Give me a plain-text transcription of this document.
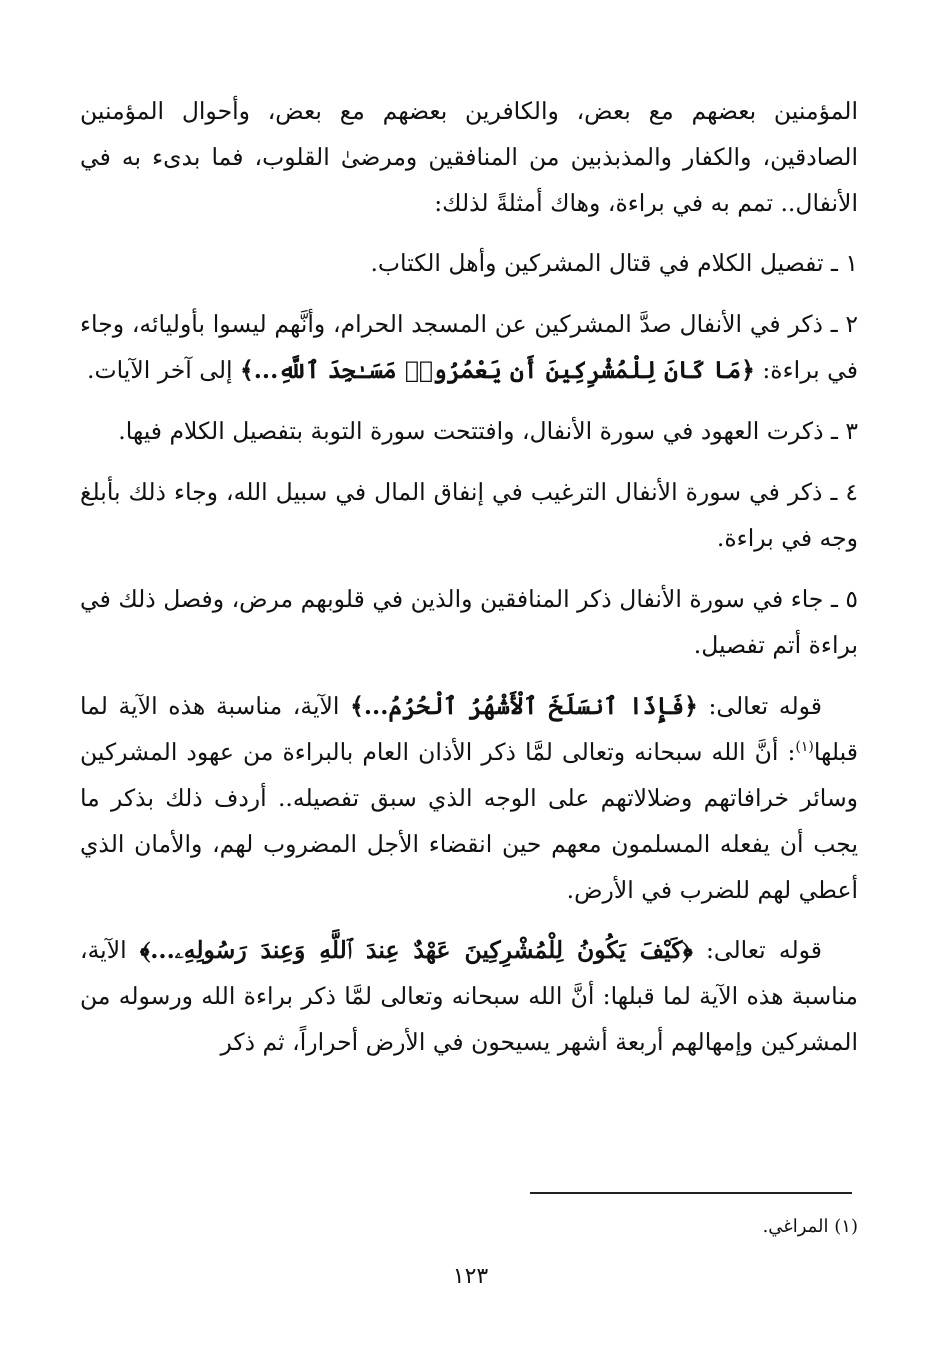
المؤمنين بعضهم مع بعض، والكافرين بعضهم مع بعض، وأحوال المؤمنين الصادقين، والكفار والمذبذبين من المنافقين ومرضىٰ القلوب، فما بدىء به في الأنفال.. تمم به في براءة، وهاك أمثلةً لذلك:

١ ـ تفصيل الكلام في قتال المشركين وأهل الكتاب.

٢ ـ ذكر في الأنفال صدَّ المشركين عن المسجد الحرام، وأنَّهم ليسوا بأوليائه، وجاء في براءة: ﴿مَا كَانَ لِلْمُشْرِكِينَ أَن يَعْمُرُوا۟ مَسَـٰجِدَ ٱللَّهِ...﴾ إلى آخر الآيات.

٣ ـ ذكرت العهود في سورة الأنفال، وافتتحت سورة التوبة بتفصيل الكلام فيها.

٤ ـ ذكر في سورة الأنفال الترغيب في إنفاق المال في سبيل الله، وجاء ذلك بأبلغ وجه في براءة.

٥ ـ جاء في سورة الأنفال ذكر المنافقين والذين في قلوبهم مرض، وفصل ذلك في براءة أتم تفصيل.

قوله تعالى: ﴿فَإِذَا ٱنسَلَخَ ٱلْأَشْهُرُ ٱلْحُرُمُ...﴾ الآية، مناسبة هذه الآية لما قبلها$^{(١)}$: أنَّ الله سبحانه وتعالى لمَّا ذكر الأذان العام بالبراءة من عهود المشركين وسائر خرافاتهم وضلالاتهم على الوجه الذي سبق تفصيله.. أردف ذلك بذكر ما يجب أن يفعله المسلمون معهم حين انقضاء الأجل المضروب لهم، والأمان الذي أعطي لهم للضرب في الأرض.

قوله تعالى: ﴿كَيْفَ يَكُونُ لِلْمُشْرِكِينَ عَهْدٌ عِندَ ٱللَّهِ وَعِندَ رَسُولِهِۦ...﴾ الآية، مناسبة هذه الآية لما قبلها: أنَّ الله سبحانه وتعالى لمَّا ذكر براءة الله ورسوله من المشركين وإمهالهم أربعة أشهر يسيحون في الأرض أحراراً، ثم ذكر

(١) المراغي.
١٢٣
